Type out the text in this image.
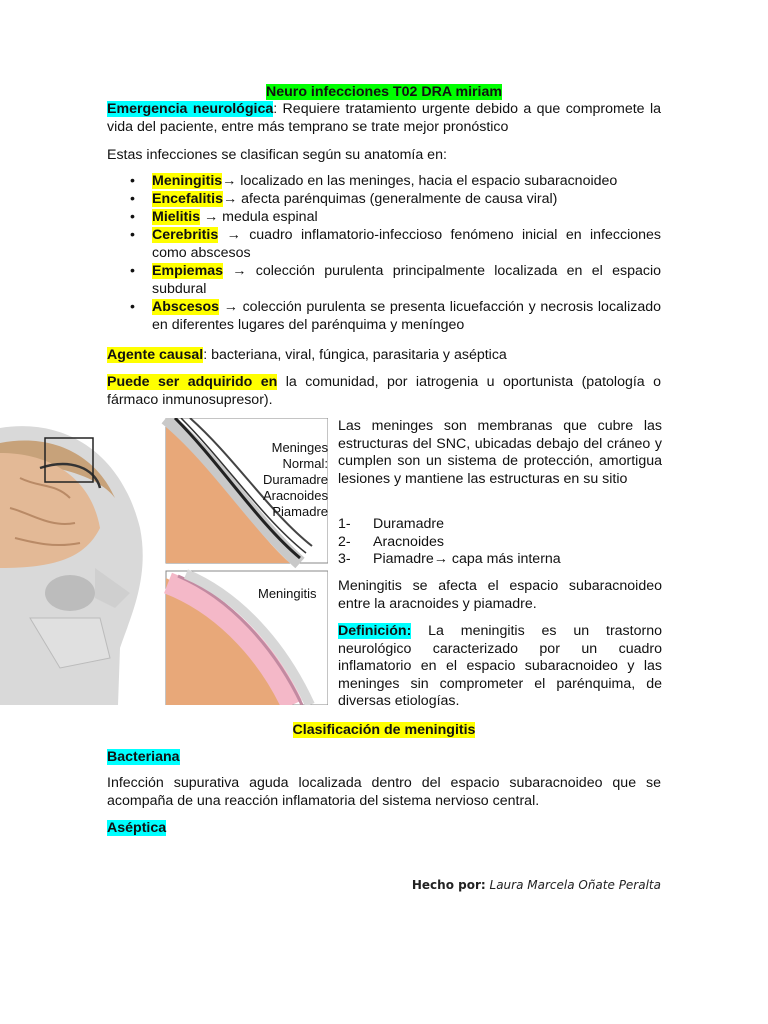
Neuro infecciones T02 DRA miriam
Emergencia neurológica: Requiere tratamiento urgente debido a que compromete la vida del paciente, entre más temprano se trate mejor pronóstico
Estas infecciones se clasifican según su anatomía en:
• Meningitis→ localizado en las meninges, hacia el espacio subaracnoideo
• Encefalitis→ afecta parénquimas (generalmente de causa viral)
• Mielitis → medula espinal
• Cerebritis → cuadro inflamatorio-infeccioso fenómeno inicial en infecciones como abscesos
• Empiemas → colección purulenta principalmente localizada en el espacio subdural
• Abscesos → colección purulenta se presenta licuefacción y necrosis localizado en diferentes lugares del parénquima y meníngeo
Agente causal: bacteriana, viral, fúngica, parasitaria y aséptica
Puede ser adquirido en la comunidad, por iatrogenia u oportunista (patología o fármaco inmunosupresor).
Meninges Normal:
Duramadre
Aracnoides
Piamadre
Meningitis
Las meninges son membranas que cubre las estructuras del SNC, ubicadas debajo del cráneo y cumplen son un sistema de protección, amortigua lesiones y mantiene las estructuras en su sitio
1-	Duramadre
2-	Aracnoides
3-	Piamadre→ capa más interna
Meningitis se afecta el espacio subaracnoideo entre la aracnoides y piamadre.
Definición: La meningitis es un trastorno neurológico caracterizado por un cuadro inflamatorio en el espacio subaracnoideo y las meninges sin comprometer el parénquima, de diversas etiologías.
Clasificación de meningitis
Bacteriana
Infección supurativa aguda localizada dentro del espacio subaracnoideo que se acompaña de una reacción inflamatoria del sistema nervioso central.
Aséptica
Hecho por: Laura Marcela Oñate Peralta
